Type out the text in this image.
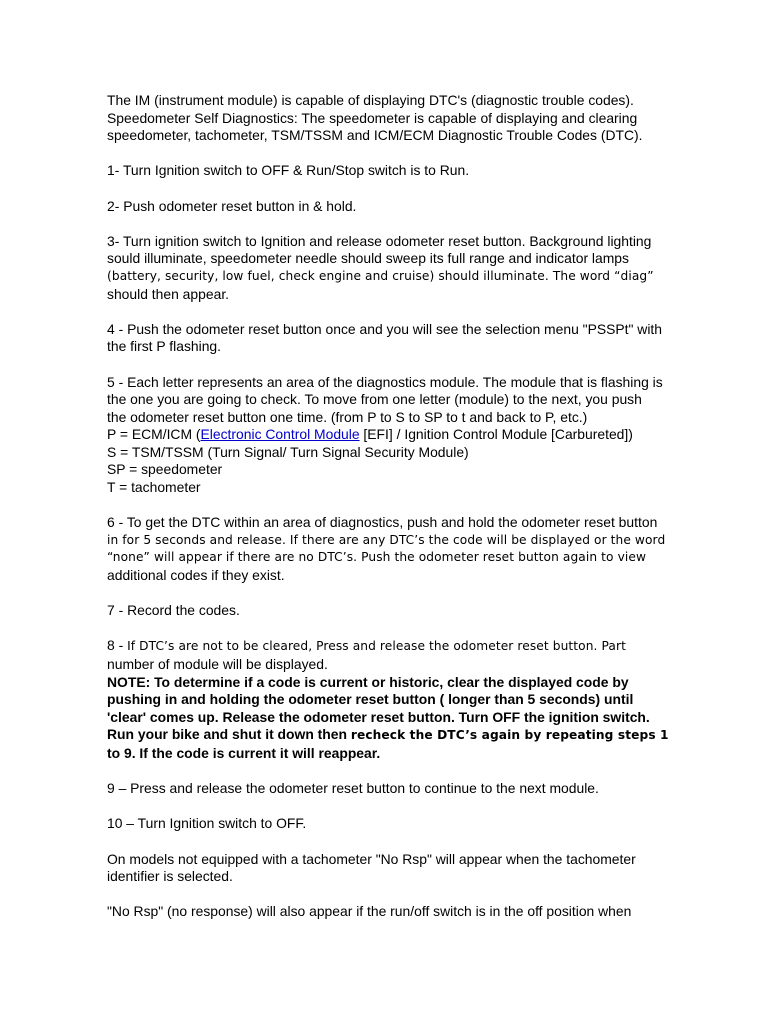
The IM (instrument module) is capable of displaying DTC's (diagnostic trouble codes).
Speedometer Self Diagnostics: The speedometer is capable of displaying and clearing
speedometer, tachometer, TSM/TSSM and ICM/ECM Diagnostic Trouble Codes (DTC).
1- Turn Ignition switch to OFF & Run/Stop switch is to Run.
2- Push odometer reset button in & hold.
3- Turn ignition switch to Ignition and release odometer reset button. Background lighting
sould illuminate, speedometer needle should sweep its full range and indicator lamps
(battery, security, low fuel, check engine and cruise) should illuminate. The word “diag”
should then appear.
4 - Push the odometer reset button once and you will see the selection menu "PSSPt" with
the first P flashing.
5 - Each letter represents an area of the diagnostics module. The module that is flashing is
the one you are going to check. To move from one letter (module) to the next, you push
the odometer reset button one time. (from P to S to SP to t and back to P, etc.)
P = ECM/ICM (Electronic Control Module [EFI] / Ignition Control Module [Carbureted])
S = TSM/TSSM (Turn Signal/ Turn Signal Security Module)
SP = speedometer
T = tachometer
6 - To get the DTC within an area of diagnostics, push and hold the odometer reset button
in for 5 seconds and release. If there are any DTC’s the code will be displayed or the word
“none” will appear if there are no DTC’s. Push the odometer reset button again to view
additional codes if they exist.
7 - Record the codes.
8 - If DTC’s are not to be cleared, Press and release the odometer reset button. Part
number of module will be displayed.
NOTE: To determine if a code is current or historic, clear the displayed code by
pushing in and holding the odometer reset button ( longer than 5 seconds) until
'clear' comes up. Release the odometer reset button. Turn OFF the ignition switch.
Run your bike and shut it down then recheck the DTC’s again by repeating steps 1
to 9. If the code is current it will reappear.
9 – Press and release the odometer reset button to continue to the next module.
10 – Turn Ignition switch to OFF.
On models not equipped with a tachometer "No Rsp" will appear when the tachometer
identifier is selected.
"No Rsp" (no response) will also appear if the run/off switch is in the off position when
